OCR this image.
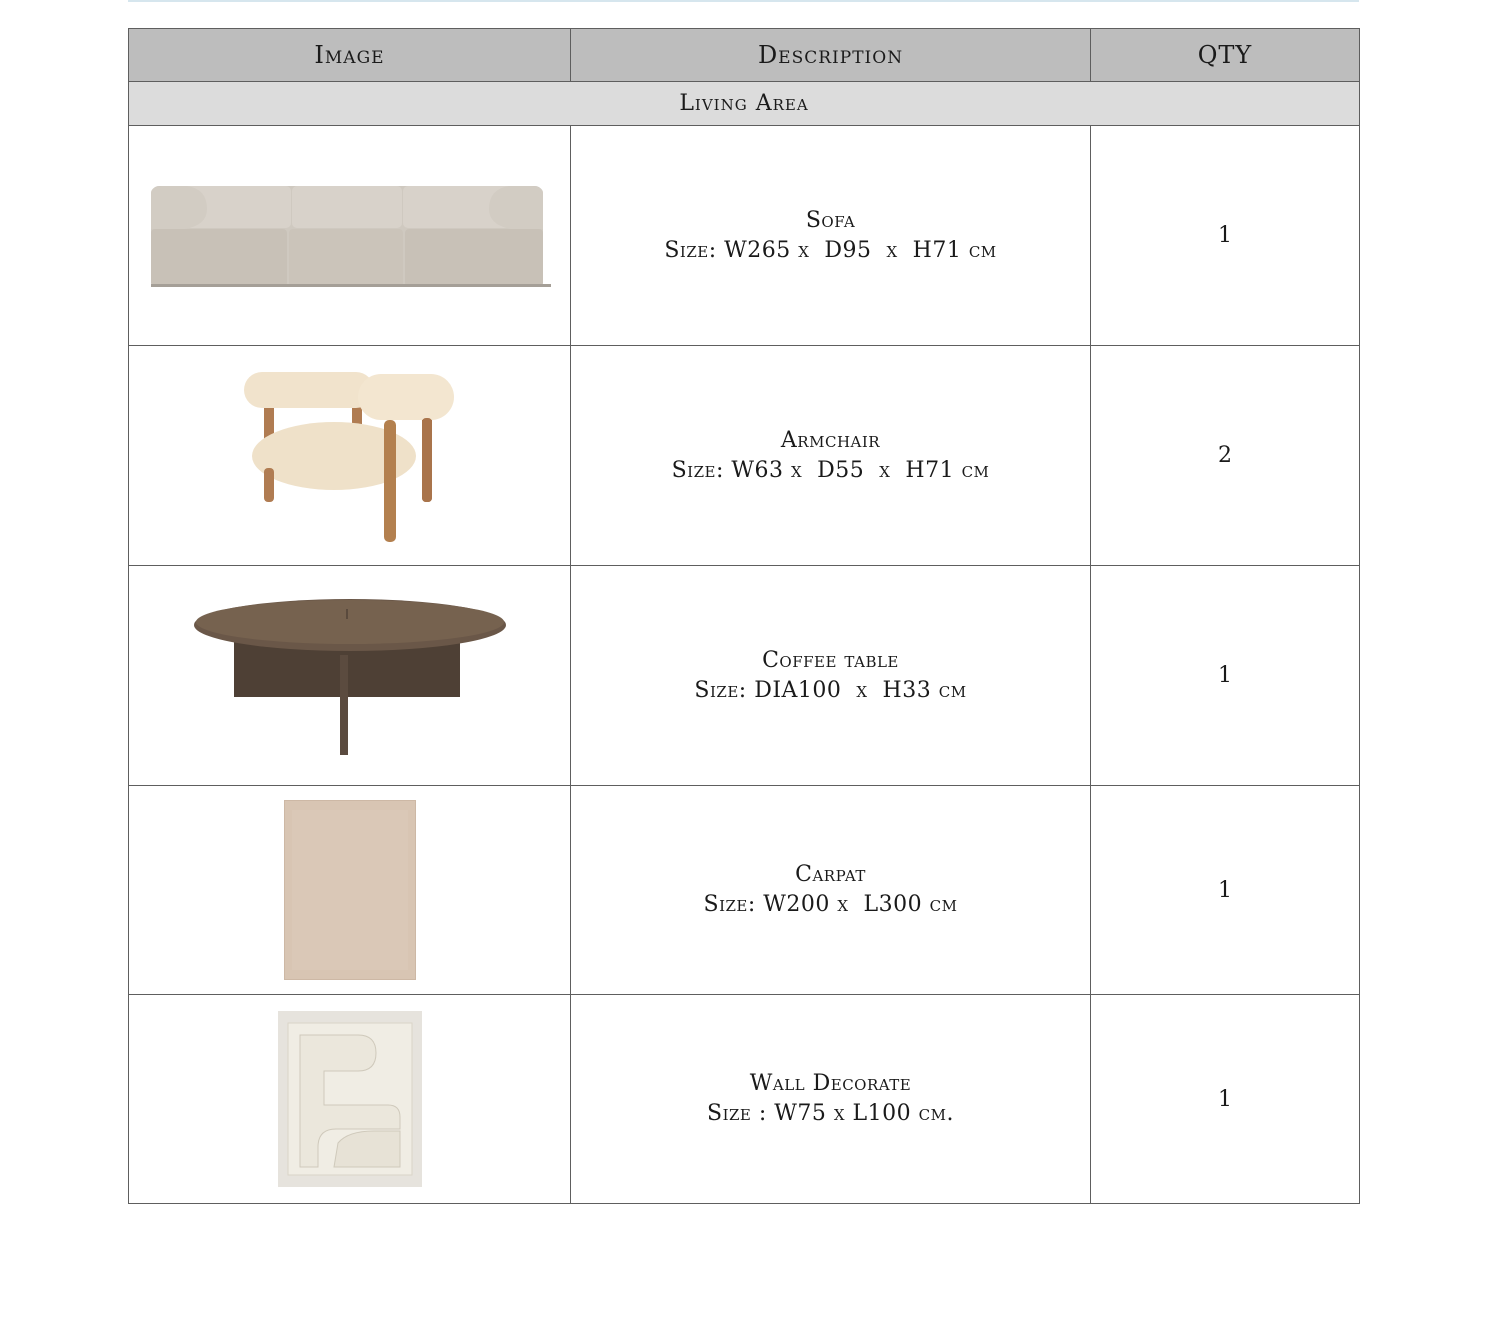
Image	Description	QTY
Living Area		

Sofa
Size: W265 x  D95  x  H71 cm	1

Armchair
Size: W63 x  D55  x  H71 cm	2

Coffee table
Size: DIA100  x  H33 cm	1

Carpat
Size: W200 x  L300 cm	1

Wall Decorate
Size : W75 x L100 cm.	1
